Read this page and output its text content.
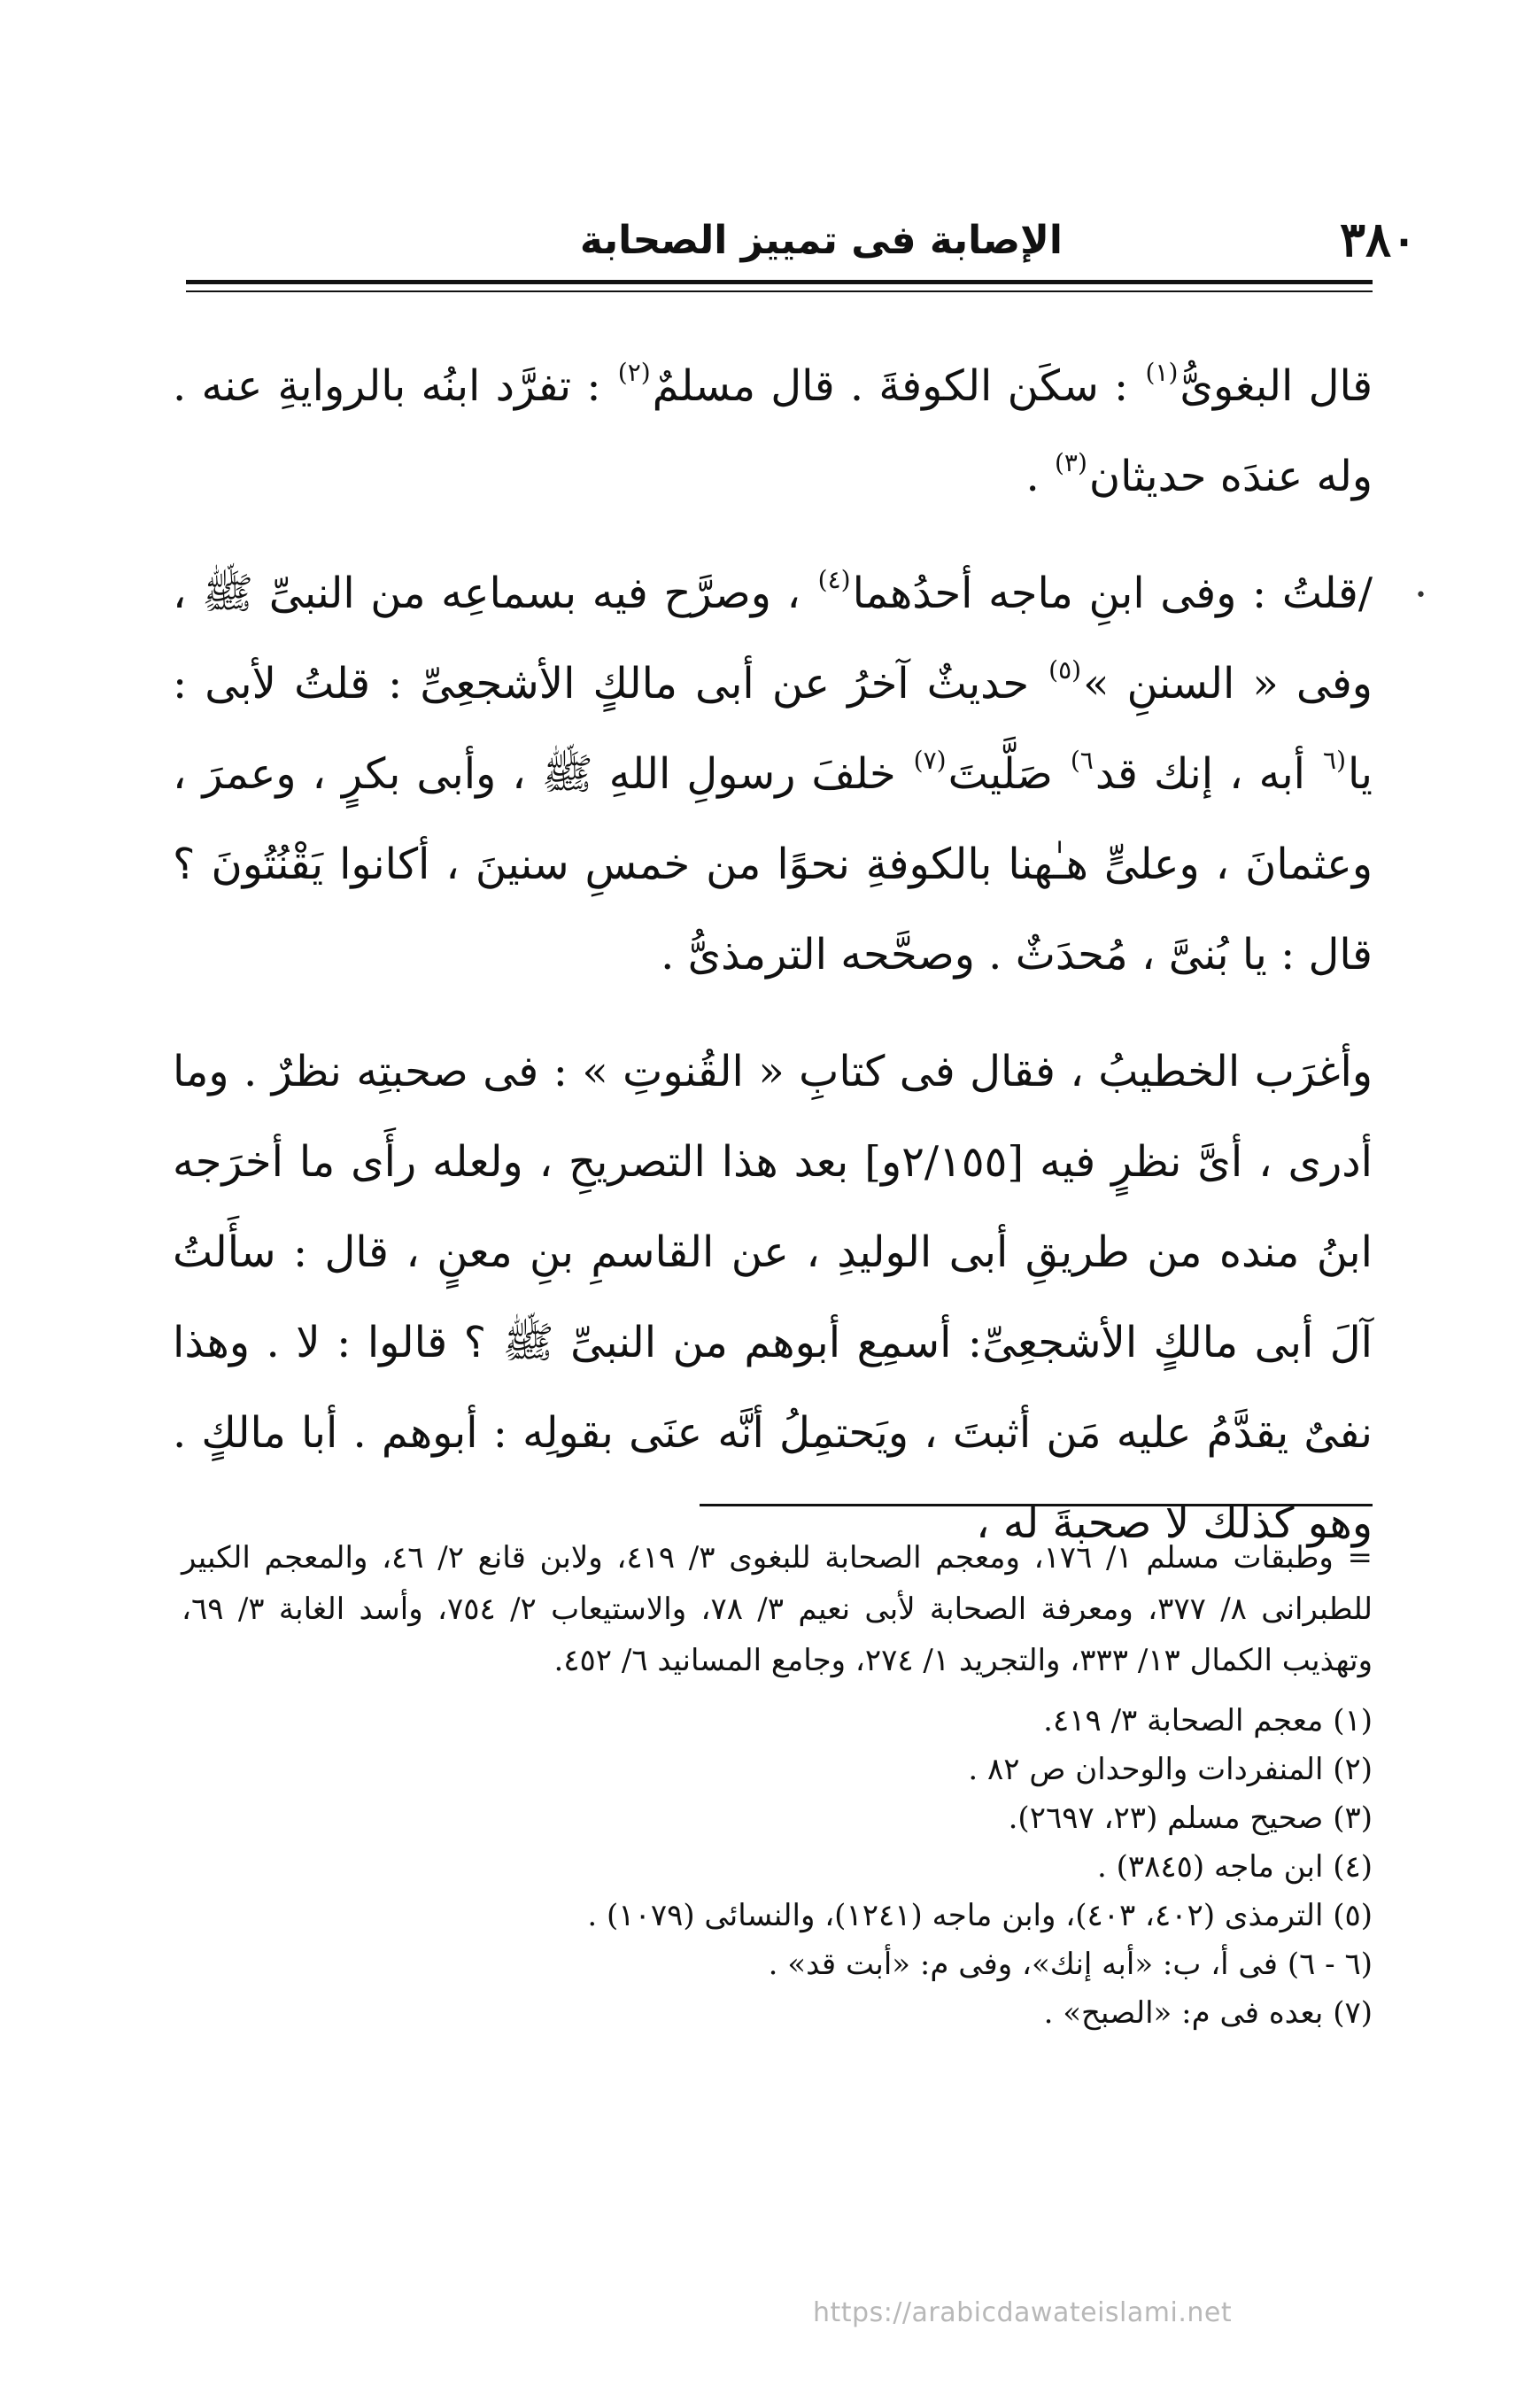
٣٨٠
الإصابة فى تمييز الصحابة
•

قال البغوىُّ$^{(١)}$ : سكَن الكوفةَ . قال مسلمٌ$^{(٢)}$ : تفرَّد ابنُه بالروايةِ عنه . وله عندَه حديثان$^{(٣)}$ .

/قلتُ : وفى ابنِ ماجه أحدُهما$^{(٤)}$ ، وصرَّح فيه بسماعِه من النبىِّ ﷺ ، وفى « السننِ »$^{(٥)}$ حديثٌ آخرُ عن أبى مالكٍ الأشجعِىِّ : قلتُ لأبى : يا$^{(٦}$ أبه ، إنك قد$^{٦)}$ صَلَّيتَ$^{(٧)}$ خلفَ رسولِ اللهِ ﷺ ، وأبى بكرٍ ، وعمرَ ، وعثمانَ ، وعلىٍّ هـٰهنا بالكوفةِ نحوًا من خمسِ سنينَ ، أكانوا يَقْنُتُونَ ؟ قال : يا بُنىَّ ، مُحدَثٌ . وصحَّحه الترمذىُّ .

وأغرَب الخطيبُ ، فقال فى كتابِ « القُنوتِ » : فى صحبتِه نظرٌ . وما أدرى ، أىَّ نظرٍ فيه [٢/١٥٥و] بعد هذا التصريحِ ، ولعله رأَى ما أخرَجه ابنُ منده من طريقِ أبى الوليدِ ، عن القاسمِ بنِ معنٍ ، قال : سأَلتُ آلَ أبى مالكٍ الأشجعِىِّ: أسمِع أبوهم من النبىِّ ﷺ ؟ قالوا : لا . وهذا نفىٌ يقدَّمُ عليه مَن أثبتَ ، ويَحتمِلُ أنَّه عنَى بقولِه : أبوهم . أبا مالكٍ . وهو كذلك لا صحبةَ له ،

= وطبقات مسلم ١/ ١٧٦، ومعجم الصحابة للبغوى ٣/ ٤١٩، ولابن قانع ٢/ ٤٦، والمعجم الكبير للطبرانى ٨/ ٣٧٧، ومعرفة الصحابة لأبى نعيم ٣/ ٧٨، والاستيعاب ٢/ ٧٥٤، وأسد الغابة ٣/ ٦٩، وتهذيب الكمال ١٣/ ٣٣٣، والتجريد ١/ ٢٧٤، وجامع المسانيد ٦/ ٤٥٢.

(١) معجم الصحابة ٣/ ٤١٩.
(٢) المنفردات والوحدان ص ٨٢ .
(٣) صحيح مسلم (٢٣، ٢٦٩٧).
(٤) ابن ماجه (٣٨٤٥) .
(٥) الترمذى (٤٠٢، ٤٠٣)، وابن ماجه (١٢٤١)، والنسائى (١٠٧٩) .
(٦ - ٦) فى أ، ب: «أبه إنك»، وفى م: «أبت قد» .
(٧) بعده فى م: «الصبح» .
https://arabicdawateislami.net
